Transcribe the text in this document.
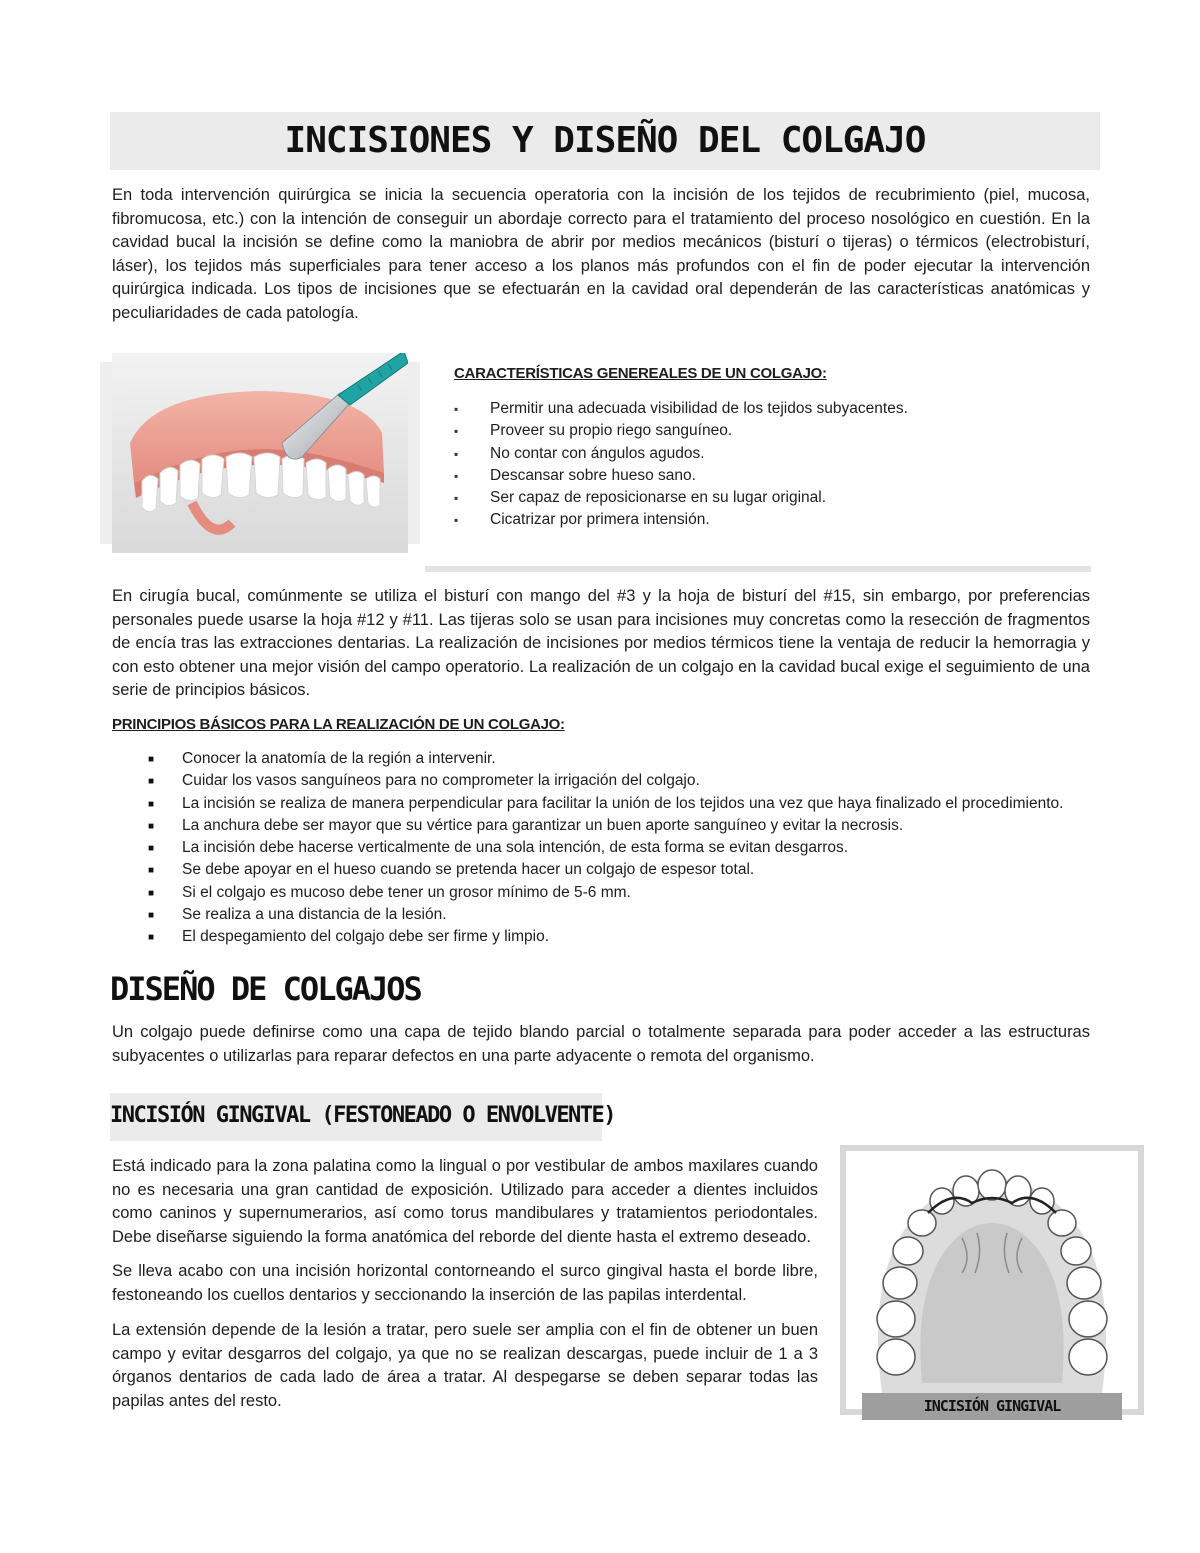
INCISIONES Y DISEÑO DEL COLGAJO

En toda intervención quirúrgica se inicia la secuencia operatoria con la incisión de los tejidos de recubrimiento (piel, mucosa, fibromucosa, etc.) con la intención de conseguir un abordaje correcto para el tratamiento del proceso nosológico en cuestión. En la cavidad bucal la incisión se define como la maniobra de abrir por medios mecánicos (bisturí o tijeras) o térmicos (electrobisturí, láser), los tejidos más superficiales para tener acceso a los planos más profundos con el fin de poder ejecutar la intervención quirúrgica indicada. Los tipos de incisiones que se efectuarán en la cavidad oral dependerán de las características anatómicas y peculiaridades de cada patología.

CARACTERÍSTICAS GENEREALES DE UN COLGAJO:
▪ Permitir una adecuada visibilidad de los tejidos subyacentes.
▪ Proveer su propio riego sanguíneo.
▪ No contar con ángulos agudos.
▪ Descansar sobre hueso sano.
▪ Ser capaz de reposicionarse en su lugar original.
▪ Cicatrizar por primera intensión.

En cirugía bucal, comúnmente se utiliza el bisturí con mango del #3 y la hoja de bisturí del #15, sin embargo, por preferencias personales puede usarse la hoja #12 y #11. Las tijeras solo se usan para incisiones muy concretas como la resección de fragmentos de encía tras las extracciones dentarias. La realización de incisiones por medios térmicos tiene la ventaja de reducir la hemorragia y con esto obtener una mejor visión del campo operatorio. La realización de un colgajo en la cavidad bucal exige el seguimiento de una serie de principios básicos.

PRINCIPIOS BÁSICOS PARA LA REALIZACIÓN DE UN COLGAJO:
■ Conocer la anatomía de la región a intervenir.
■ Cuidar los vasos sanguíneos para no comprometer la irrigación del colgajo.
■ La incisión se realiza de manera perpendicular para facilitar la unión de los tejidos una vez que haya finalizado el procedimiento.
■ La anchura debe ser mayor que su vértice para garantizar un buen aporte sanguíneo y evitar la necrosis.
■ La incisión debe hacerse verticalmente de una sola intención, de esta forma se evitan desgarros.
■ Se debe apoyar en el hueso cuando se pretenda hacer un colgajo de espesor total.
■ Si el colgajo es mucoso debe tener un grosor mínimo de 5-6 mm.
■ Se realiza a una distancia de la lesión.
■ El despegamiento del colgajo debe ser firme y limpio.
DISEÑO DE COLGAJOS

Un colgajo puede definirse como una capa de tejido blando parcial o totalmente separada para poder acceder a las estructuras subyacentes o utilizarlas para reparar defectos en una parte adyacente o remota del organismo.

INCISIÓN GINGIVAL (FESTONEADO O ENVOLVENTE)

Está indicado para la zona palatina como la lingual o por vestibular de ambos maxilares cuando no es necesaria una gran cantidad de exposición. Utilizado para acceder a dientes incluidos como caninos y supernumerarios, así como torus mandibulares y tratamientos periodontales. Debe diseñarse siguiendo la forma anatómica del reborde del diente hasta el extremo deseado.

Se lleva acabo con una incisión horizontal contorneando el surco gingival hasta el borde libre, festoneando los cuellos dentarios y seccionando la inserción de las papilas interdental.

La extensión depende de la lesión a tratar, pero suele ser amplia con el fin de obtener un buen campo y evitar desgarros del colgajo, ya que no se realizan descargas, puede incluir de 1 a 3 órganos dentarios de cada lado de área a tratar. Al despegarse se deben separar todas las papilas antes del resto.	INCISIÓN GINGIVAL
